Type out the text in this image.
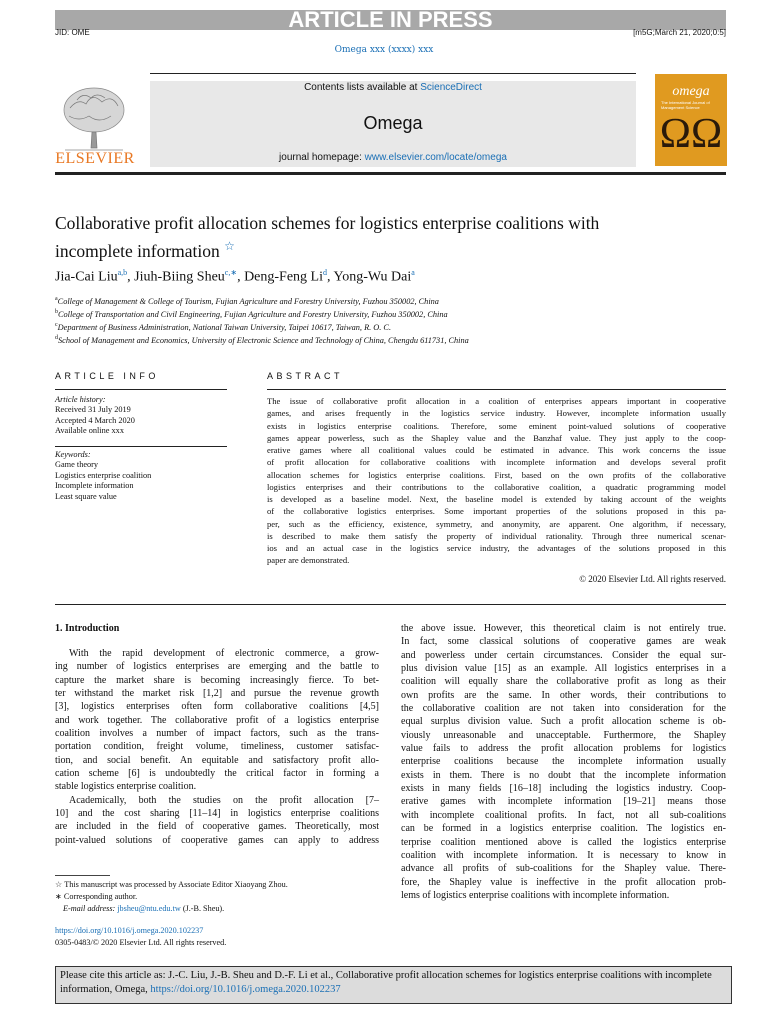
ARTICLE IN PRESS
JID: OME	[m5G;March 21, 2020;0:5]
Omega xxx (xxxx) xxx
ELSEVIER
Contents lists available at ScienceDirect
Omega
journal homepage: www.elsevier.com/locate/omega
omega
The International Journal of Management Science
ΩΩ
Collaborative profit allocation schemes for logistics enterprise coalitions with incomplete information ☆
Jia-Cai Liu$^{a,b}$, Jiuh-Biing Sheu$^{c,∗}$, Deng-Feng Li$^d$, Yong-Wu Dai$^a$
$^a$College of Management & College of Tourism, Fujian Agriculture and Forestry University, Fuzhou 350002, China
$^b$College of Transportation and Civil Engineering, Fujian Agriculture and Forestry University, Fuzhou 350002, China
$^c$Department of Business Administration, National Taiwan University, Taipei 10617, Taiwan, R. O. C.
$^d$School of Management and Economics, University of Electronic Science and Technology of China, Chengdu 611731, China
ARTICLE INFO	ABSTRACT
Article history:
Received 31 July 2019
Accepted 4 March 2020
Available online xxx
Keywords:
Game theory
Logistics enterprise coalition
Incomplete information
Least square value
The issue of collaborative profit allocation in a coalition of enterprises appears important in cooperative
games, and arises frequently in the logistics service industry. However, incomplete information usually
exists in logistics enterprise coalitions. Therefore, some eminent point-valued solutions of cooperative
games appear powerless, such as the Shapley value and the Banzhaf value. They just apply to the coop-
erative games where all coalitional values could be estimated in advance. This work concerns the issue
of profit allocation for collaborative coalitions with incomplete information and develops several profit
allocation schemes for logistics enterprise coalitions. First, based on the own profits of the collaborative
logistics enterprises and their contributions to the collaborative coalition, a quadratic programming model
is developed as a baseline model. Next, the baseline model is extended by taking account of the weights
of the collaborative logistics enterprises. Some important properties of the solutions proposed in this pa-
per, such as the efficiency, existence, symmetry, and anonymity, are apparent. One algorithm, if necessary,
is described to make them satisfy the property of individual rationality. Through three numerical scenar-
ios and an actual case in the logistics service industry, the advantages of the solutions proposed in this
paper are demonstrated.
© 2020 Elsevier Ltd. All rights reserved.
1. Introduction
With the rapid development of electronic commerce, a grow-
ing number of logistics enterprises are emerging and the battle to
capture the market share is becoming increasingly fierce. To bet-
ter withstand the market risk [1,2] and pursue the revenue growth
[3], logistics enterprises often form collaborative coalitions [4,5]
and work together. The collaborative profit of a logistics enterprise
coalition involves a number of impact factors, such as the trans-
portation condition, freight volume, timeliness, customer satisfac-
tion, and social benefit. An equitable and satisfactory profit allo-
cation scheme [6] is undoubtedly the critical factor in forming a
stable logistics enterprise coalition.
Academically, both the studies on the profit allocation [7–
10] and the cost sharing [11–14] in logistics enterprise coalitions
are included in the field of cooperative games. Theoretically, most
point-valued solutions of cooperative games can apply to address
the above issue. However, this theoretical claim is not entirely true.
In fact, some classical solutions of cooperative games are weak
and powerless under certain circumstances. Consider the equal sur-
plus division value [15] as an example. All logistics enterprises in a
coalition will equally share the collaborative profit as long as their
own profits are the same. In other words, their contributions to
the collaborative coalition are not taken into consideration for the
equal surplus division value. Such a profit allocation scheme is ob-
viously unreasonable and unacceptable. Furthermore, the Shapley
value fails to address the profit allocation problems for logistics
enterprise coalitions because the incomplete information usually
exists in them. There is no doubt that the incomplete information
exists in many fields [16–18] including the logistics industry. Coop-
erative games with incomplete information [19–21] means those
with incomplete coalitional profits. In fact, not all sub-coalitions
can be formed in a logistics enterprise coalition. The logistics en-
terprise coalition mentioned above is called the logistics enterprise
coalition with incomplete information. It is necessary to know in
advance all profits of sub-coalitions for the Shapley value. There-
fore, the Shapley value is ineffective in the profit allocation prob-
lems of logistics enterprise coalitions with incomplete information.
☆ This manuscript was processed by Associate Editor Xiaoyang Zhou.
∗ Corresponding author.
E-mail address: jbsheu@ntu.edu.tw (J.-B. Sheu).
https://doi.org/10.1016/j.omega.2020.102237
0305-0483/© 2020 Elsevier Ltd. All rights reserved.
Please cite this article as: J.-C. Liu, J.-B. Sheu and D.-F. Li et al., Collaborative profit allocation schemes for logistics enterprise coalitions with incomplete information, Omega, https://doi.org/10.1016/j.omega.2020.102237
